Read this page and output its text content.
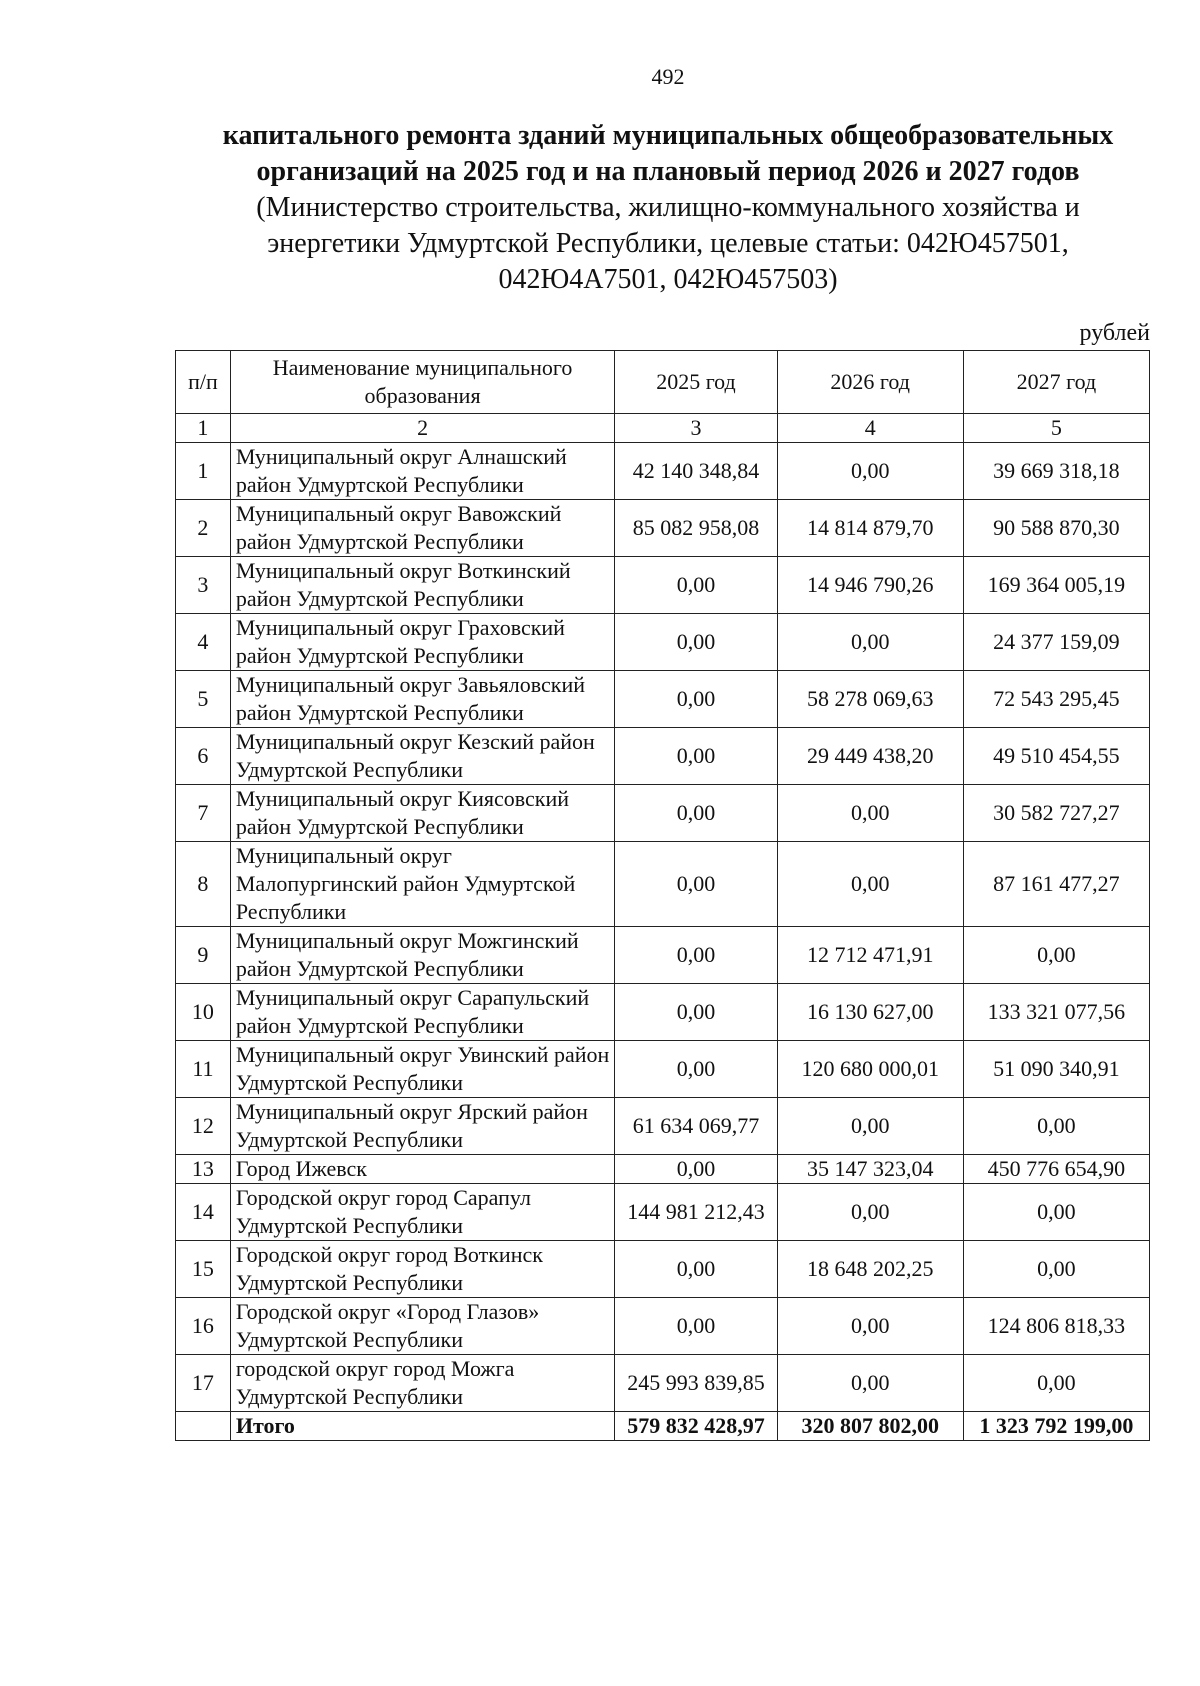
492
капитального ремонта зданий муниципальных общеобразовательных
организаций на 2025 год и на плановый период 2026 и 2027 годов
(Министерство строительства, жилищно-коммунального хозяйства и
энергетики Удмуртской Республики, целевые статьи: 042Ю457501,
042Ю4А7501, 042Ю457503)
рублей
п/п	Наименование муниципального образования	2025 год	2026 год	2027 год
1	2	3	4	5
1	Муниципальный округ Алнашский район Удмуртской Республики	42 140 348,84	0,00	39 669 318,18
2	Муниципальный округ Вавожский район Удмуртской Республики	85 082 958,08	14 814 879,70	90 588 870,30
3	Муниципальный округ Воткинский район Удмуртской Республики	0,00	14 946 790,26	169 364 005,19
4	Муниципальный округ Граховский район Удмуртской Республики	0,00	0,00	24 377 159,09
5	Муниципальный округ Завьяловский район Удмуртской Республики	0,00	58 278 069,63	72 543 295,45
6	Муниципальный округ Кезский район Удмуртской Республики	0,00	29 449 438,20	49 510 454,55
7	Муниципальный округ Киясовский район Удмуртской Республики	0,00	0,00	30 582 727,27
8	Муниципальный округ Малопургинский район Удмуртской Республики	0,00	0,00	87 161 477,27
9	Муниципальный округ Можгинский район Удмуртской Республики	0,00	12 712 471,91	0,00
10	Муниципальный округ Сарапульский район Удмуртской Республики	0,00	16 130 627,00	133 321 077,56
11	Муниципальный округ Увинский район Удмуртской Республики	0,00	120 680 000,01	51 090 340,91
12	Муниципальный округ Ярский район Удмуртской Республики	61 634 069,77	0,00	0,00
13	Город Ижевск	0,00	35 147 323,04	450 776 654,90
14	Городской округ город Сарапул Удмуртской Республики	144 981 212,43	0,00	0,00
15	Городской округ город Воткинск Удмуртской Республики	0,00	18 648 202,25	0,00
16	Городской округ «Город Глазов» Удмуртской Республики	0,00	0,00	124 806 818,33
17	городской округ город Можга Удмуртской Республики	245 993 839,85	0,00	0,00
	Итого	579 832 428,97	320 807 802,00	1 323 792 199,00
